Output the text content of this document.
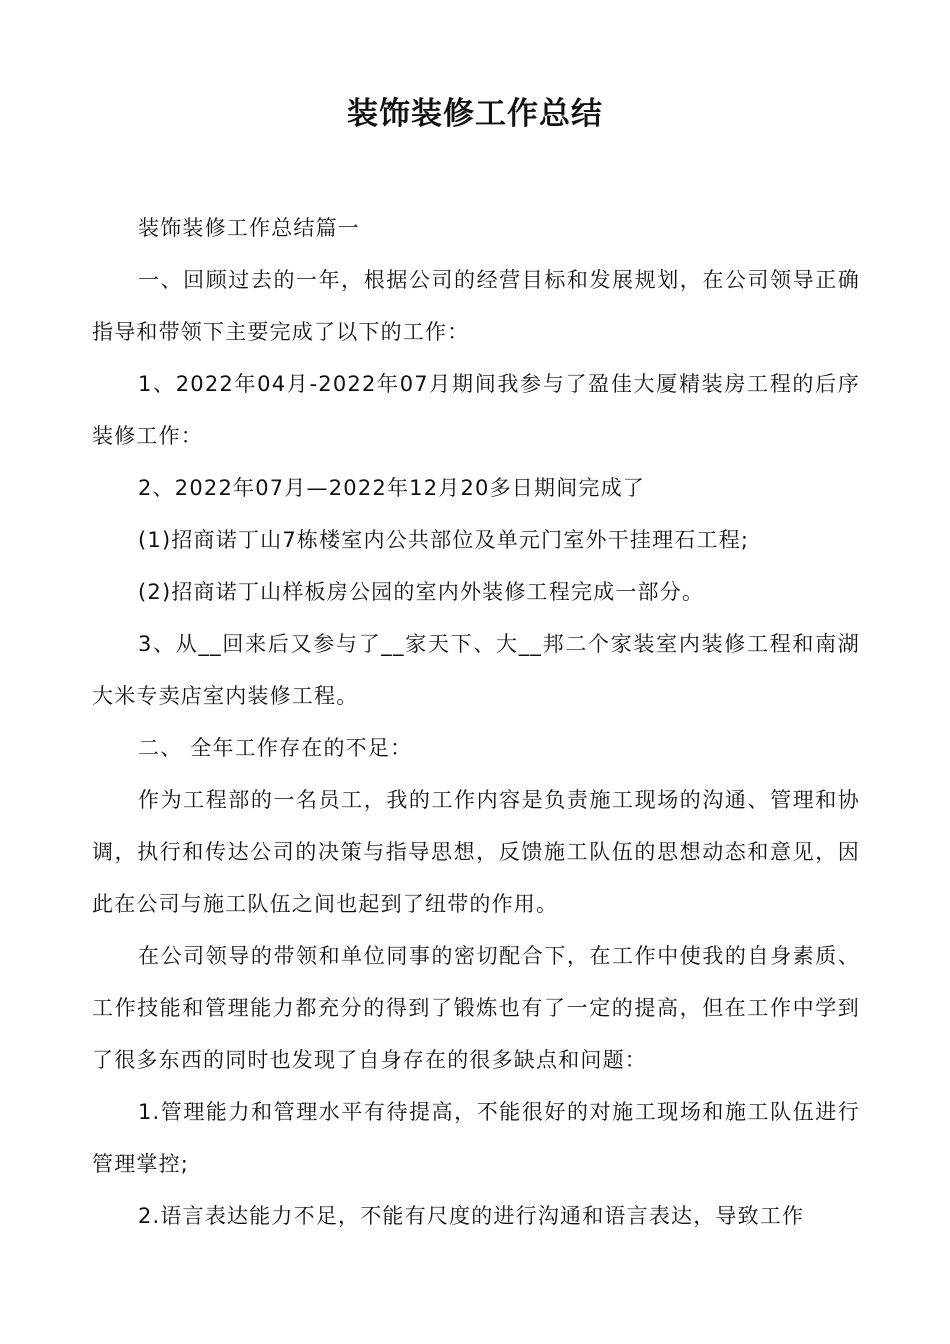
装饰装修工作总结

装饰装修工作总结篇一

一、回顾过去的一年，根据公司的经营目标和发展规划，在公司领导正确指导和带领下主要完成了以下的工作：

1、2022年04月-2022年07月期间我参与了盈佳大厦精装房工程的后序装修工作：

2、2022年07月—2022年12月20多日期间完成了

(1)招商诺丁山7栋楼室内公共部位及单元门室外干挂理石工程;

(2)招商诺丁山样板房公园的室内外装修工程完成一部分。

3、从__回来后又参与了__家天下、大__邦二个家装室内装修工程和南湖大米专卖店室内装修工程。

二、 全年工作存在的不足：

作为工程部的一名员工，我的工作内容是负责施工现场的沟通、管理和协调，执行和传达公司的决策与指导思想，反馈施工队伍的思想动态和意见，因此在公司与施工队伍之间也起到了纽带的作用。

在公司领导的带领和单位同事的密切配合下，在工作中使我的自身素质、工作技能和管理能力都充分的得到了锻炼也有了一定的提高，但在工作中学到了很多东西的同时也发现了自身存在的很多缺点和问题：

1.管理能力和管理水平有待提高，不能很好的对施工现场和施工队伍进行管理掌控;

2.语言表达能力不足，不能有尺度的进行沟通和语言表达，导致工作
